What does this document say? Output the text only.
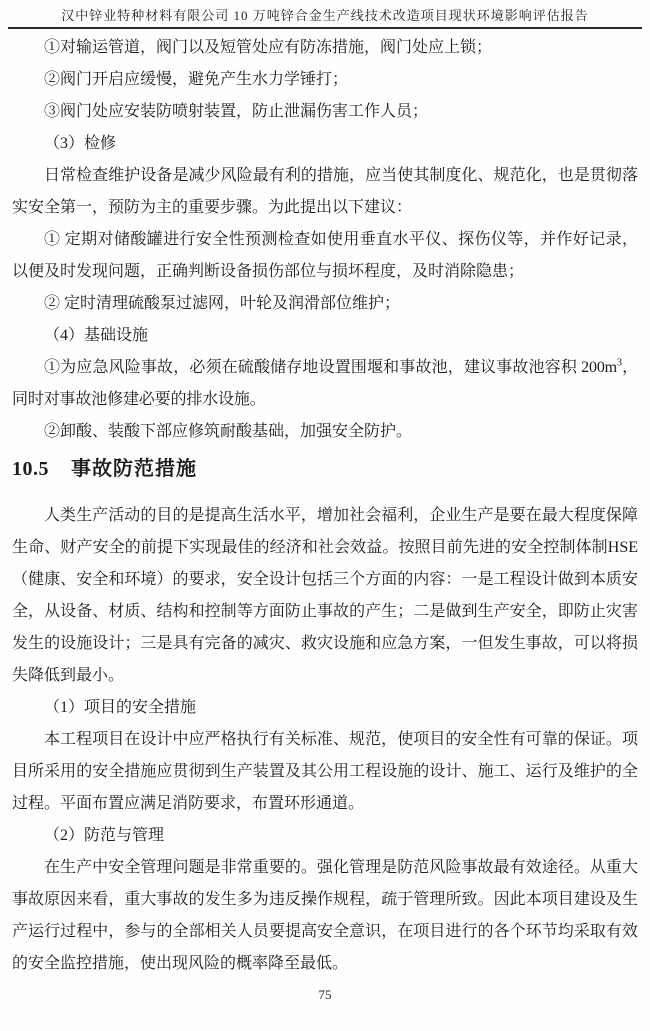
汉中锌业特种材料有限公司 10 万吨锌合金生产线技术改造项目现状环境影响评估报告

①对输运管道，阀门以及短管处应有防冻措施，阀门处应上锁；

②阀门开启应缓慢，避免产生水力学锤打；

③阀门处应安装防喷射装置，防止泄漏伤害工作人员；

（3）检修

日常检查维护设备是减少风险最有利的措施，应当使其制度化、规范化，也是贯彻落实安全第一，预防为主的重要步骤。为此提出以下建议：

① 定期对储酸罐进行安全性预测检查如使用垂直水平仪、探伤仪等，并作好记录，以便及时发现问题，正确判断设备损伤部位与损坏程度，及时消除隐患；

② 定时清理硫酸泵过滤网，叶轮及润滑部位维护；

（4）基础设施

①为应急风险事故，必须在硫酸储存地设置围堰和事故池，建议事故池容积 $200m^3$，同时对事故池修建必要的排水设施。

②卸酸、装酸下部应修筑耐酸基础，加强安全防护。

10.5 事故防范措施

人类生产活动的目的是提高生活水平，增加社会福利，企业生产是要在最大程度保障生命、财产安全的前提下实现最佳的经济和社会效益。按照目前先进的安全控制体制HSE（健康、安全和环境）的要求，安全设计包括三个方面的内容：一是工程设计做到本质安全，从设备、材质、结构和控制等方面防止事故的产生；二是做到生产安全，即防止灾害发生的设施设计；三是具有完备的减灾、救灾设施和应急方案，一但发生事故，可以将损失降低到最小。

（1）项目的安全措施

本工程项目在设计中应严格执行有关标准、规范，使项目的安全性有可靠的保证。项目所采用的安全措施应贯彻到生产装置及其公用工程设施的设计、施工、运行及维护的全过程。平面布置应满足消防要求，布置环形通道。

（2）防范与管理

在生产中安全管理问题是非常重要的。强化管理是防范风险事故最有效途径。从重大事故原因来看，重大事故的发生多为违反操作规程，疏于管理所致。因此本项目建设及生产运行过程中，参与的全部相关人员要提高安全意识，在项目进行的各个环节均采取有效的安全监控措施，使出现风险的概率降至最低。

75
